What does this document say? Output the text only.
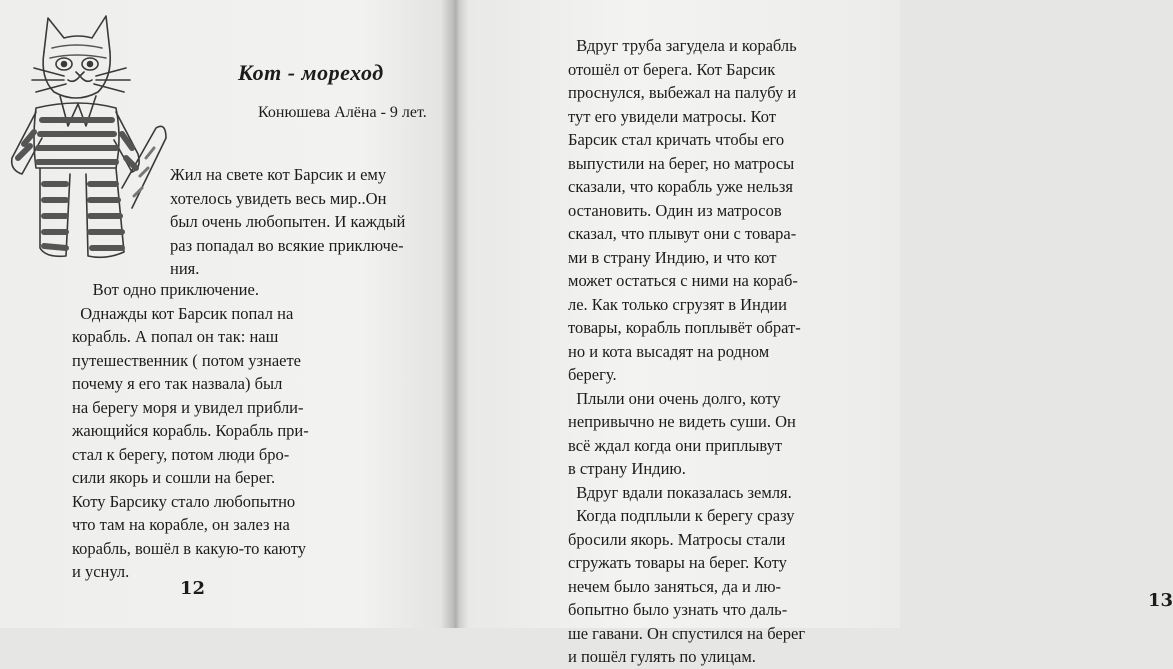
Кот - мореход
Конюшева Алёна - 9 лет.

Жил на свете кот Барсик и ему
хотелось увидеть весь мир..Он
был очень любопытен. И каждый
раз попадал во всякие приключе-
ния.

Вот одно приключение.
Однажды кот Барсик попал на
корабль. А попал он так: наш
путешественник ( потом узнаете
почему я его так назвала) был
на берегу моря и увидел прибли-
жающийся корабль. Корабль при-
стал к берегу, потом люди бро-
сили якорь и сошли на берег.
Коту Барсику стало любопытно
что там на корабле, он залез на
корабль, вошёл в какую-то каюту
и уснул.

12
13

Вдруг труба загудела и корабль
отошёл от берега. Кот Барсик
проснулся, выбежал на палубу и
тут его увидели матросы. Кот
Барсик стал кричать чтобы его
выпустили на берег, но матросы
сказали, что корабль уже нельзя
остановить. Один из матросов
сказал, что плывут они с товара-
ми в страну Индию, и что кот
может остаться с ними на кораб-
ле. Как только сгрузят в Индии
товары, корабль поплывёт обрат-
но и кота высадят на родном
берегу.
Плыли они очень долго, коту
непривычно не видеть суши. Он
всё ждал когда они приплывут
в страну Индию.
Вдруг вдали показалась земля.
Когда подплыли к берегу сразу
бросили якорь. Матросы стали
сгружать товары на берег. Коту
нечем было заняться, да и лю-
бопытно было узнать что даль-
ше гавани. Он спустился на берег
и пошёл гулять по улицам.
